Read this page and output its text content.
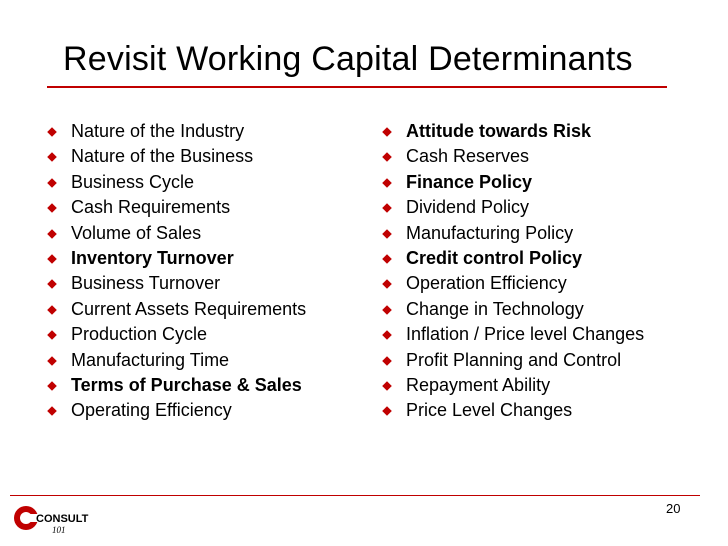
Revisit Working Capital Determinants
Nature of the Industry
Nature of the Business
Business Cycle
Cash Requirements
Volume of Sales
Inventory Turnover
Business Turnover
Current Assets Requirements
Production Cycle
Manufacturing Time
Terms of Purchase & Sales
Operating Efficiency
Attitude towards Risk
Cash Reserves
Finance Policy
Dividend Policy
Manufacturing Policy
Credit control Policy
Operation Efficiency
Change in Technology
Inflation / Price level Changes
Profit Planning and Control
Repayment Ability
Price Level Changes
20
CONSULT
101
